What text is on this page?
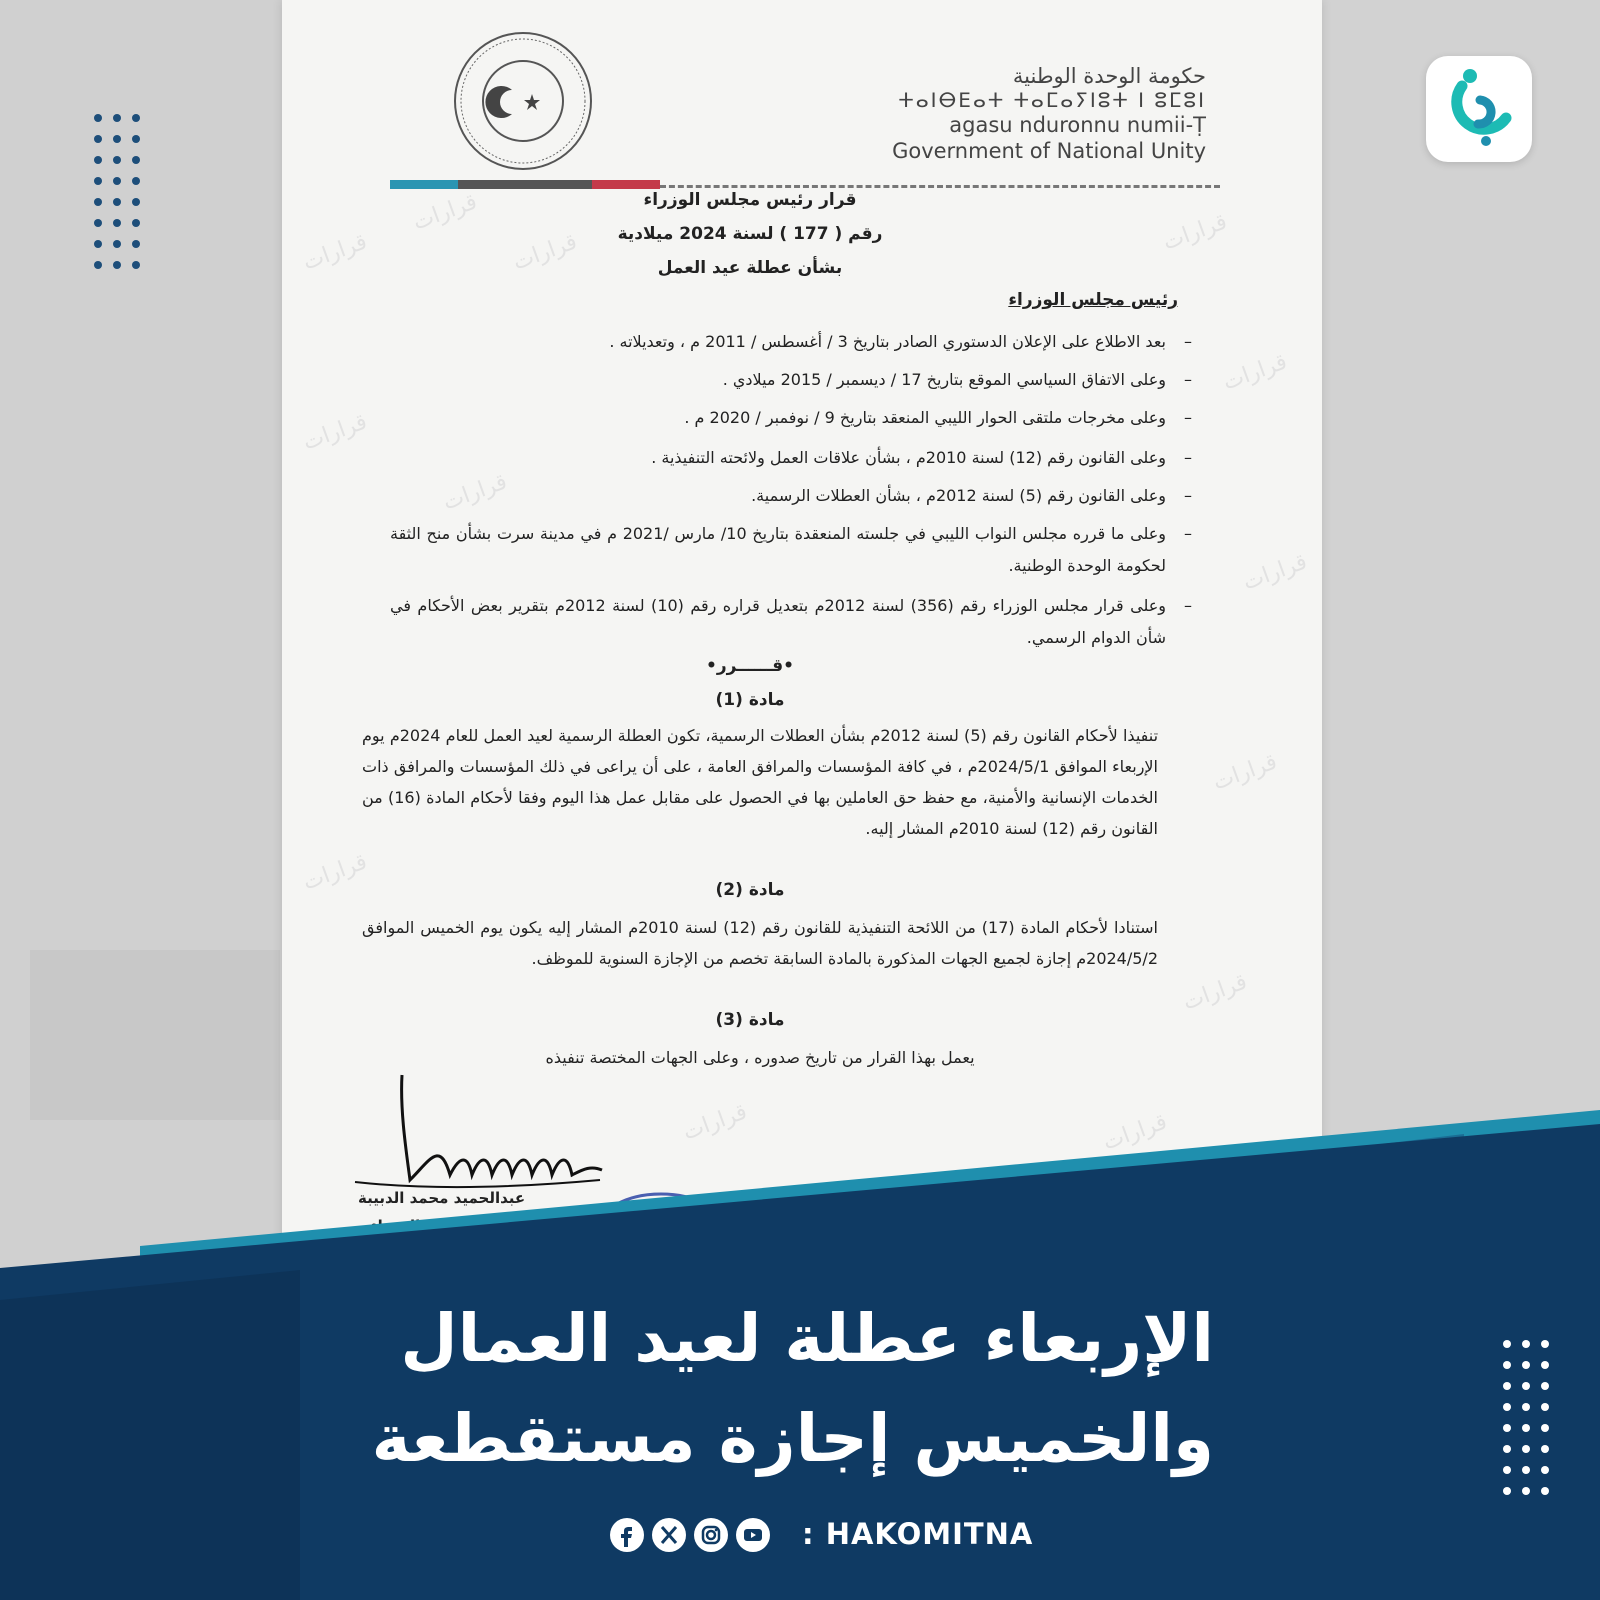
قرارات
قرارات
قرارات
قرارات
قرارات
قرارات
قرارات
قرارات
قرارات
قرارات
قرارات
قرارات	قرارات
حكومة الوحدة الوطنية
ⵜⴰⵏⴱⴹⴰⵜ ⵜⴰⵎⴰⵢⵏⵓⵜ ⵏ ⵓⵎⵓⵏ
agasu nduronnu numii-Ṭ
Government of National Unity
قرار رئيس مجلس الوزراء
رقم ( 177 ) لسنة 2024 ميلادية
بشأن عطلة عيد العمل
رئيس مجلس الوزراء
–
بعد الاطلاع على الإعلان الدستوري الصادر بتاريخ 3 / أغسطس / 2011 م ، وتعديلاته .
–
وعلى الاتفاق السياسي الموقع بتاريخ 17 / ديسمبر / 2015 ميلادي .
–
وعلى مخرجات ملتقى الحوار الليبي المنعقد بتاريخ 9 / نوفمبر / 2020 م .
–
وعلى القانون رقم (12) لسنة 2010م ، بشأن علاقات العمل ولائحته التنفيذية .
–
وعلى القانون رقم (5) لسنة 2012م ، بشأن العطلات الرسمية.
–
وعلى ما قرره مجلس النواب الليبي في جلسته المنعقدة بتاريخ 10/ مارس /2021 م في مدينة سرت بشأن منح الثقة لحكومة الوحدة الوطنية.
–
وعلى قرار مجلس الوزراء رقم (356) لسنة 2012م بتعديل قراره رقم (10) لسنة 2012م بتقرير بعض الأحكام في شأن الدوام الرسمي.
•قــــــرر•
مادة (1)
تنفيذا لأحكام القانون رقم (5) لسنة 2012م بشأن العطلات الرسمية، تكون العطلة الرسمية لعيد العمل للعام 2024م يوم الإربعاء الموافق 2024/5/1م ، في كافة المؤسسات والمرافق العامة ، على أن يراعى في ذلك المؤسسات والمرافق ذات الخدمات الإنسانية والأمنية، مع حفظ حق العاملين بها في الحصول على مقابل عمل هذا اليوم وفقا لأحكام المادة (16) من القانون رقم (12) لسنة 2010م المشار إليه.
مادة (2)
استنادا لأحكام المادة (17) من اللائحة التنفيذية للقانون رقم (12) لسنة 2010م المشار إليه يكون يوم الخميس الموافق 2024/5/2م إجازة لجميع الجهات المذكورة بالمادة السابقة تخصم من الإجازة السنوية للموظف.
مادة (3)
يعمل بهذا القرار من تاريخ صدوره ، وعلى الجهات المختصة تنفيذه
عبدالحميد محمد الدبيبة
الإربعاء عطلة لعيد العمال
والخميس إجازة مستقطعة
: HAKOMITNA
